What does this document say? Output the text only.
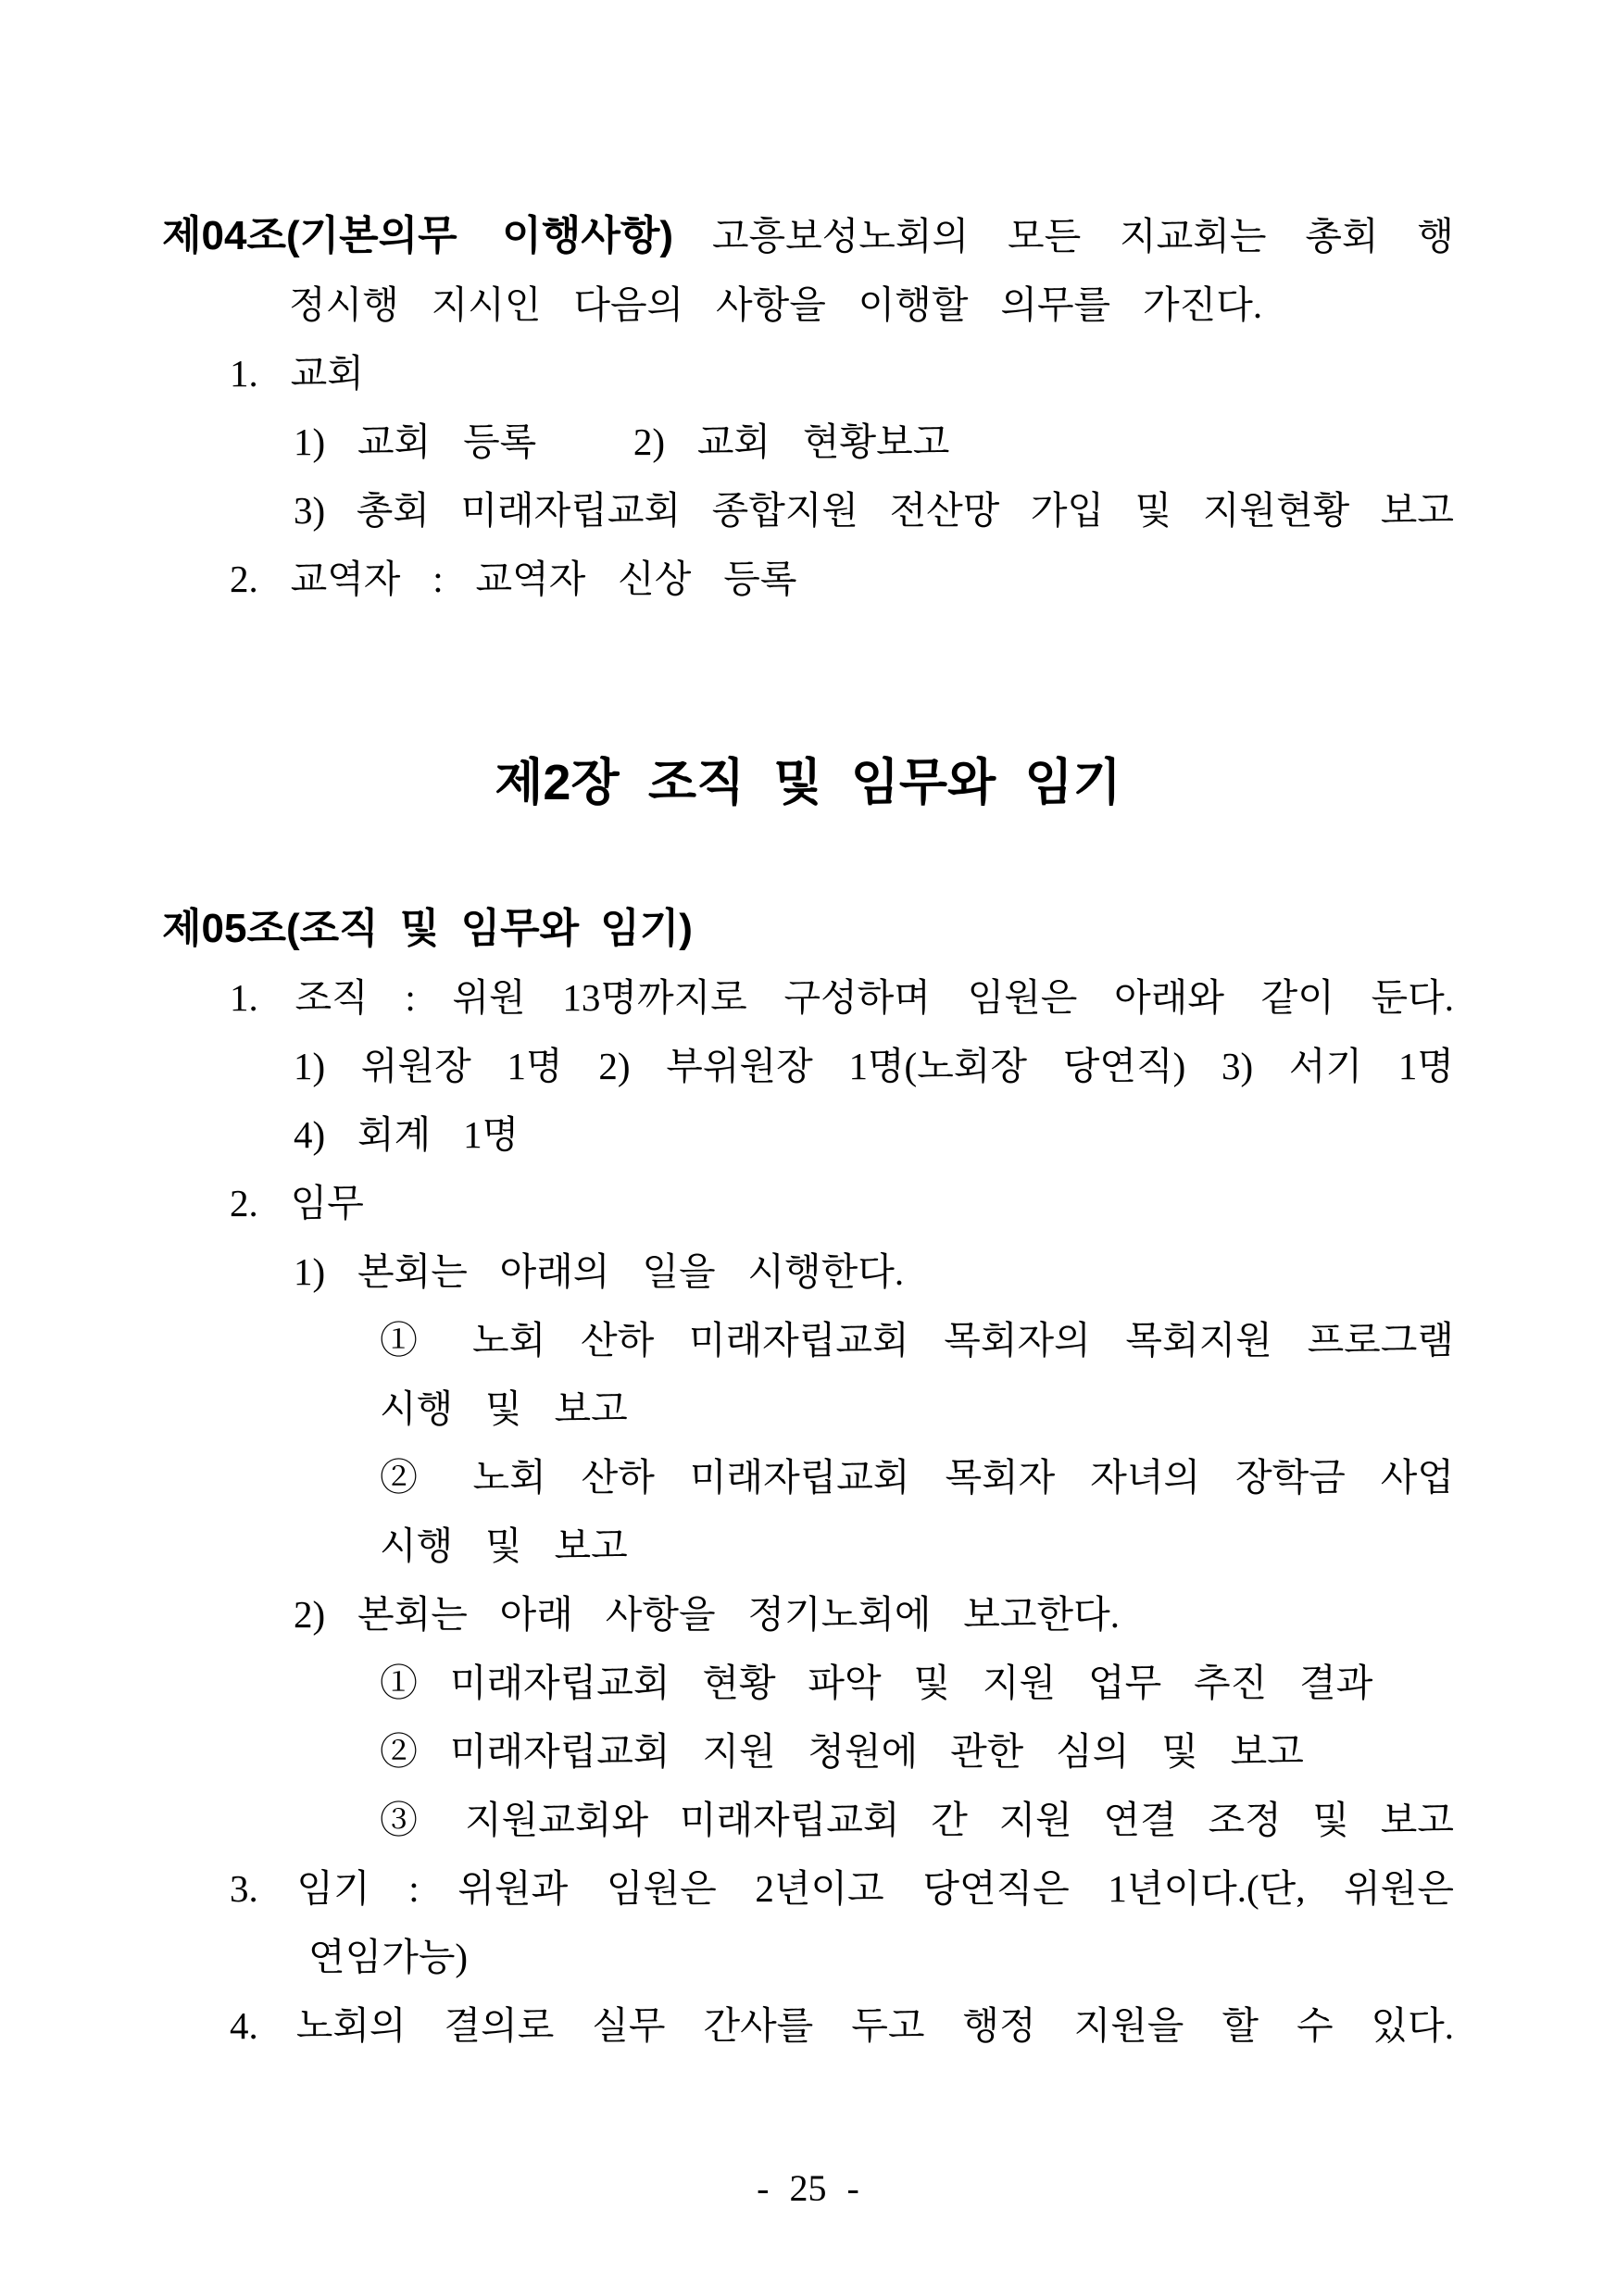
제04조(기본의무 이행사항) 고흥보성노회의 모든 지교회는 총회 행
정시행 지시인 다음의 사항을 이행할 의무를 가진다.
1. 교회
1) 교회 등록   2) 교회 현황보고
3) 총회 미래자립교회 종합지원 전산망 가입 및 지원현황 보고
2. 교역자 : 교역자 신상 등록
제2장 조직 및 임무와 임기
제05조(조직 및 임무와 임기)
1. 조직 : 위원 13명까지로 구성하며 임원은 아래와 같이 둔다.
1) 위원장 1명 2) 부위원장 1명(노회장 당연직) 3) 서기 1명
4) 회계 1명
2. 임무
1) 본회는 아래의 일을 시행한다.
① 노회 산하 미래자립교회 목회자의 목회지원 프로그램
시행 및 보고
② 노회 산하 미래자립교회 목회자 자녀의 장학금 사업
시행 및 보고
2) 본회는 아래 사항을 정기노회에 보고한다.
① 미래자립교회 현황 파악 및 지원 업무 추진 결과
② 미래자립교회 지원 청원에 관한 심의 및 보고
③ 지원교회와 미래자립교회 간 지원 연결 조정 및 보고
3. 임기 : 위원과 임원은 2년이고 당연직은 1년이다.(단, 위원은
연임가능)
4. 노회의 결의로 실무 간사를 두고 행정 지원을 할 수 있다.
- 25 -
